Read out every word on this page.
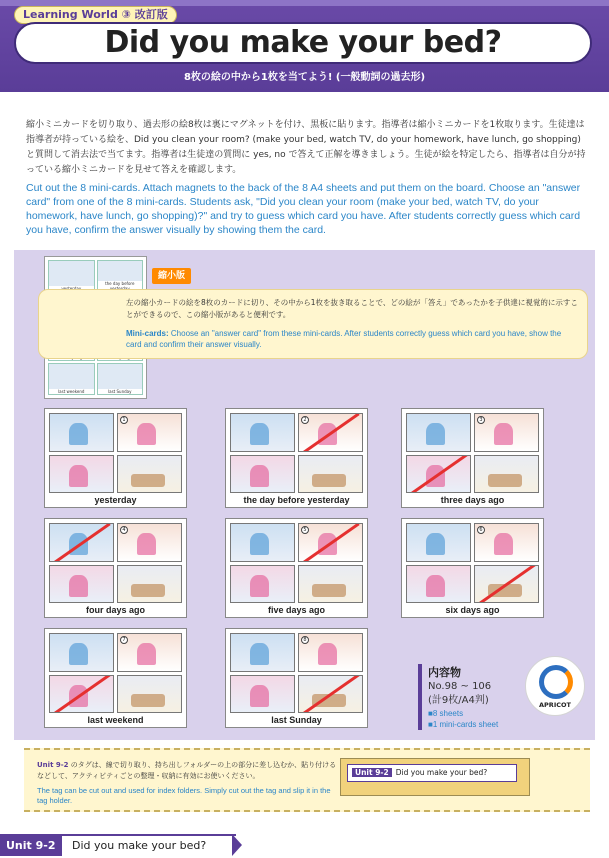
Learning World ③ 改訂版
Did you make your bed?
8枚の絵の中から1枚を当てよう! (一般動詞の過去形)
縮小ミニカードを切り取り、過去形の絵8枚は裏にマグネットを付け、黒板に貼ります。指導者は縮小ミニカードを1枚取ります。生徒達は指導者が持っている絵を、Did you clean your room? (make your bed, watch TV, do your homework, have lunch, go shopping) と質問して消去法で当てます。指導者は生徒達の質問に yes, no で答えて正解を導きましょう。生徒が絵を特定したら、指導者は自分が持っている縮小ミニカードを見せて答えを確認します。
Cut out the 8 mini-cards. Attach magnets to the back of the 8 A4 sheets and put them on the board. Choose an "answer card" from one of the 8 mini-cards. Students ask, "Did you clean your room (make your bed, watch TV, do your homework, have lunch, go shopping)?" and try to guess which card you have. After students correctly guess which card you have, confirm the answer visually by showing them the card.
the day before
last weekend	last Sunday
縮小版
左の縮小カードの絵を8枚のカードに切り、その中から1枚を抜き取ることで、どの絵が「答え」であったかを子供達に視覚的に示すことができるので、この縮小版があると便利です。
Mini-cards: Choose an "answer card" from these mini-cards. After students correctly guess which card you have, show the card and confirm their answer visually.
1
yesterday
2
the day before yesterday
3
three days ago
4
four days ago
5
five days ago
6
six days ago
7
last weekend
8
last Sunday
内容物
No.98 ~ 106
(計9枚/A4判)
■8 sheets
■1 mini-cards sheet
APRICOT
Unit 9-2 のタグは、線で切り取り、持ち出しフォルダーの上の部分に差し込むか、貼り付けるなどして、アクティビティごとの整理・収納に有効にお使いください。
The tag can be cut out and used for index folders. Simply cut out the tag and slip it in the tag holder.
Unit 9-2 Did you make your bed?
Unit 9-2	Did you make your bed?
